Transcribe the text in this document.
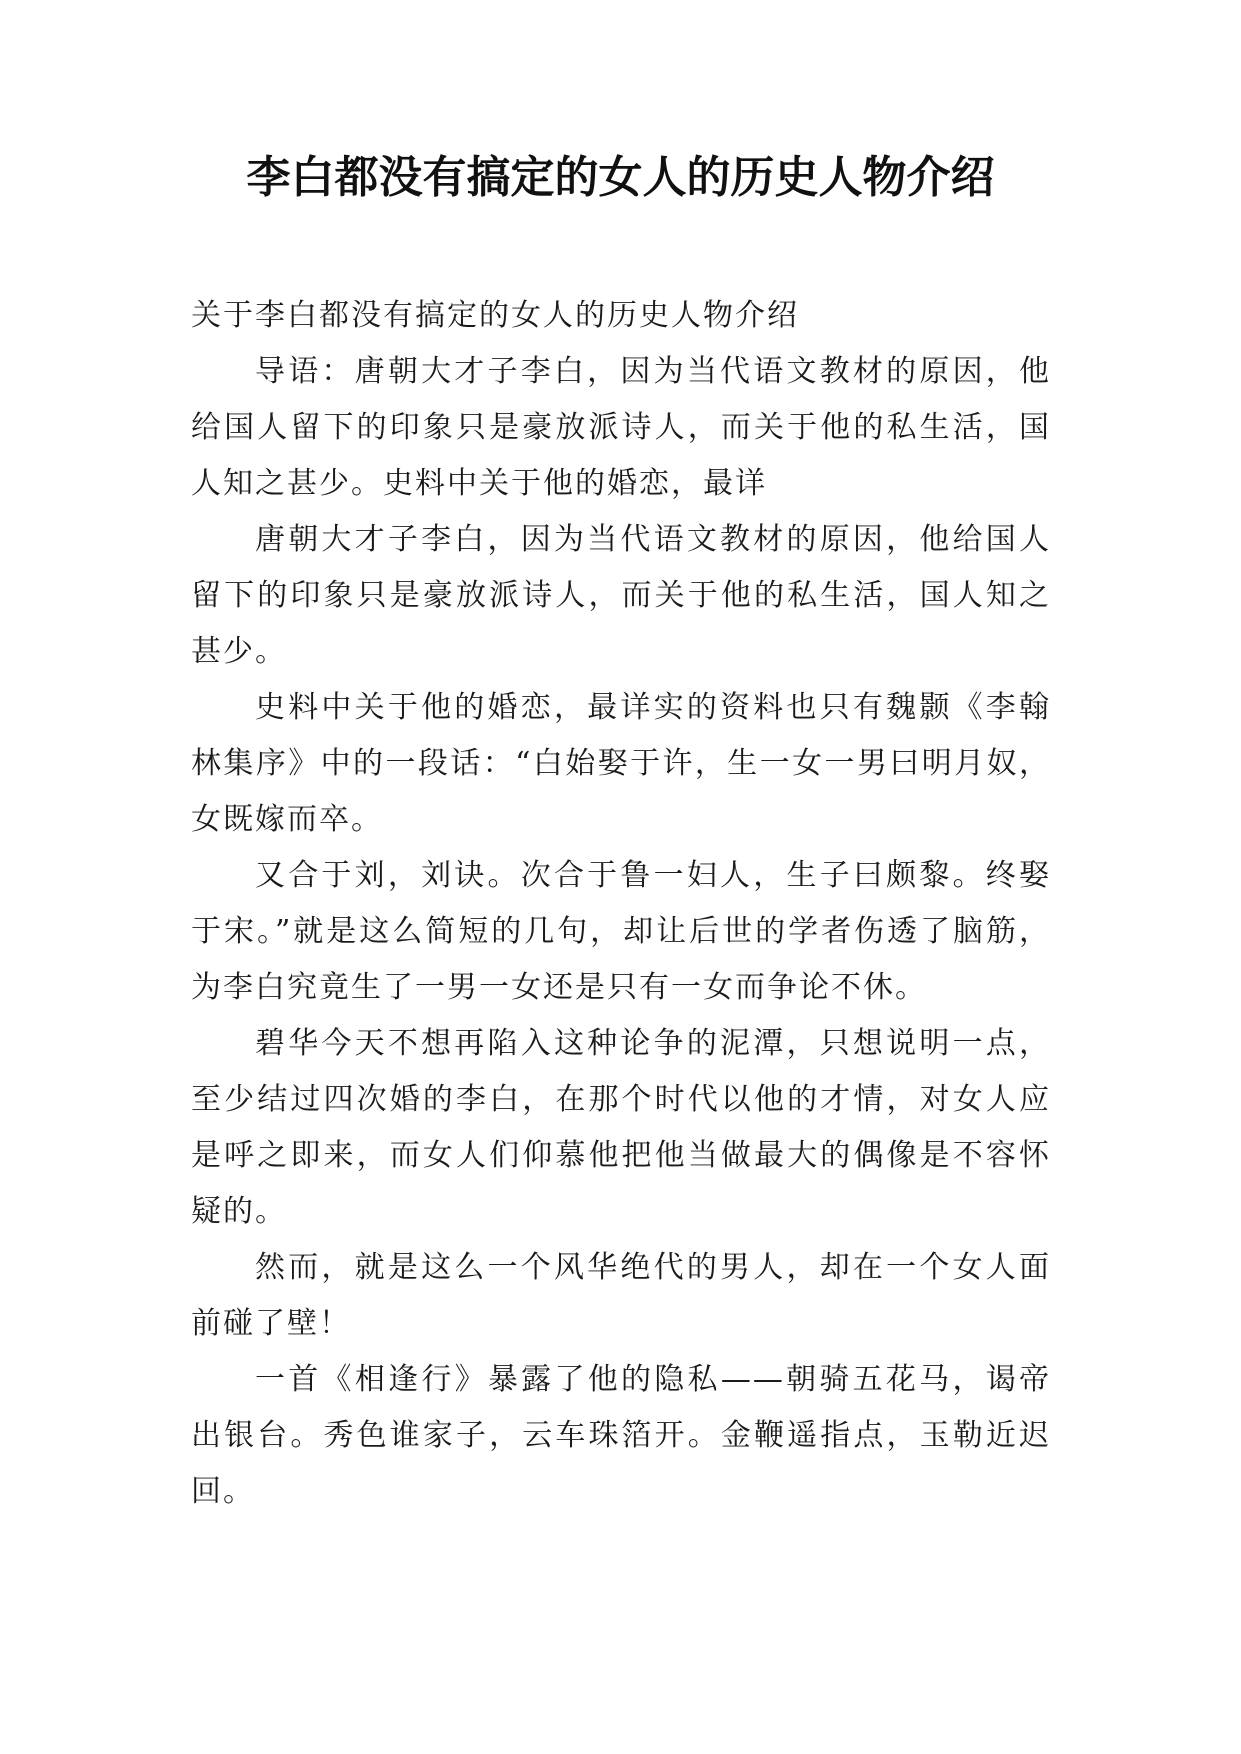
李白都没有搞定的女人的历史人物介绍

关于李白都没有搞定的女人的历史人物介绍

导语：唐朝大才子李白，因为当代语文教材的原因，他给国人留下的印象只是豪放派诗人，而关于他的私生活，国人知之甚少。史料中关于他的婚恋，最详

唐朝大才子李白，因为当代语文教材的原因，他给国人留下的印象只是豪放派诗人，而关于他的私生活，国人知之甚少。

史料中关于他的婚恋，最详实的资料也只有魏颢《李翰林集序》中的一段话：“白始娶于许，生一女一男曰明月奴，女既嫁而卒。

又合于刘，刘诀。次合于鲁一妇人，生子曰颇黎。终娶于宋。”就是这么简短的几句，却让后世的学者伤透了脑筋，为李白究竟生了一男一女还是只有一女而争论不休。

碧华今天不想再陷入这种论争的泥潭，只想说明一点，至少结过四次婚的李白，在那个时代以他的才情，对女人应是呼之即来，而女人们仰慕他把他当做最大的偶像是不容怀疑的。

然而，就是这么一个风华绝代的男人，却在一个女人面前碰了壁！

一首《相逢行》暴露了他的隐私——朝骑五花马，谒帝出银台。秀色谁家子，云车珠箔开。金鞭遥指点，玉勒近迟回。
